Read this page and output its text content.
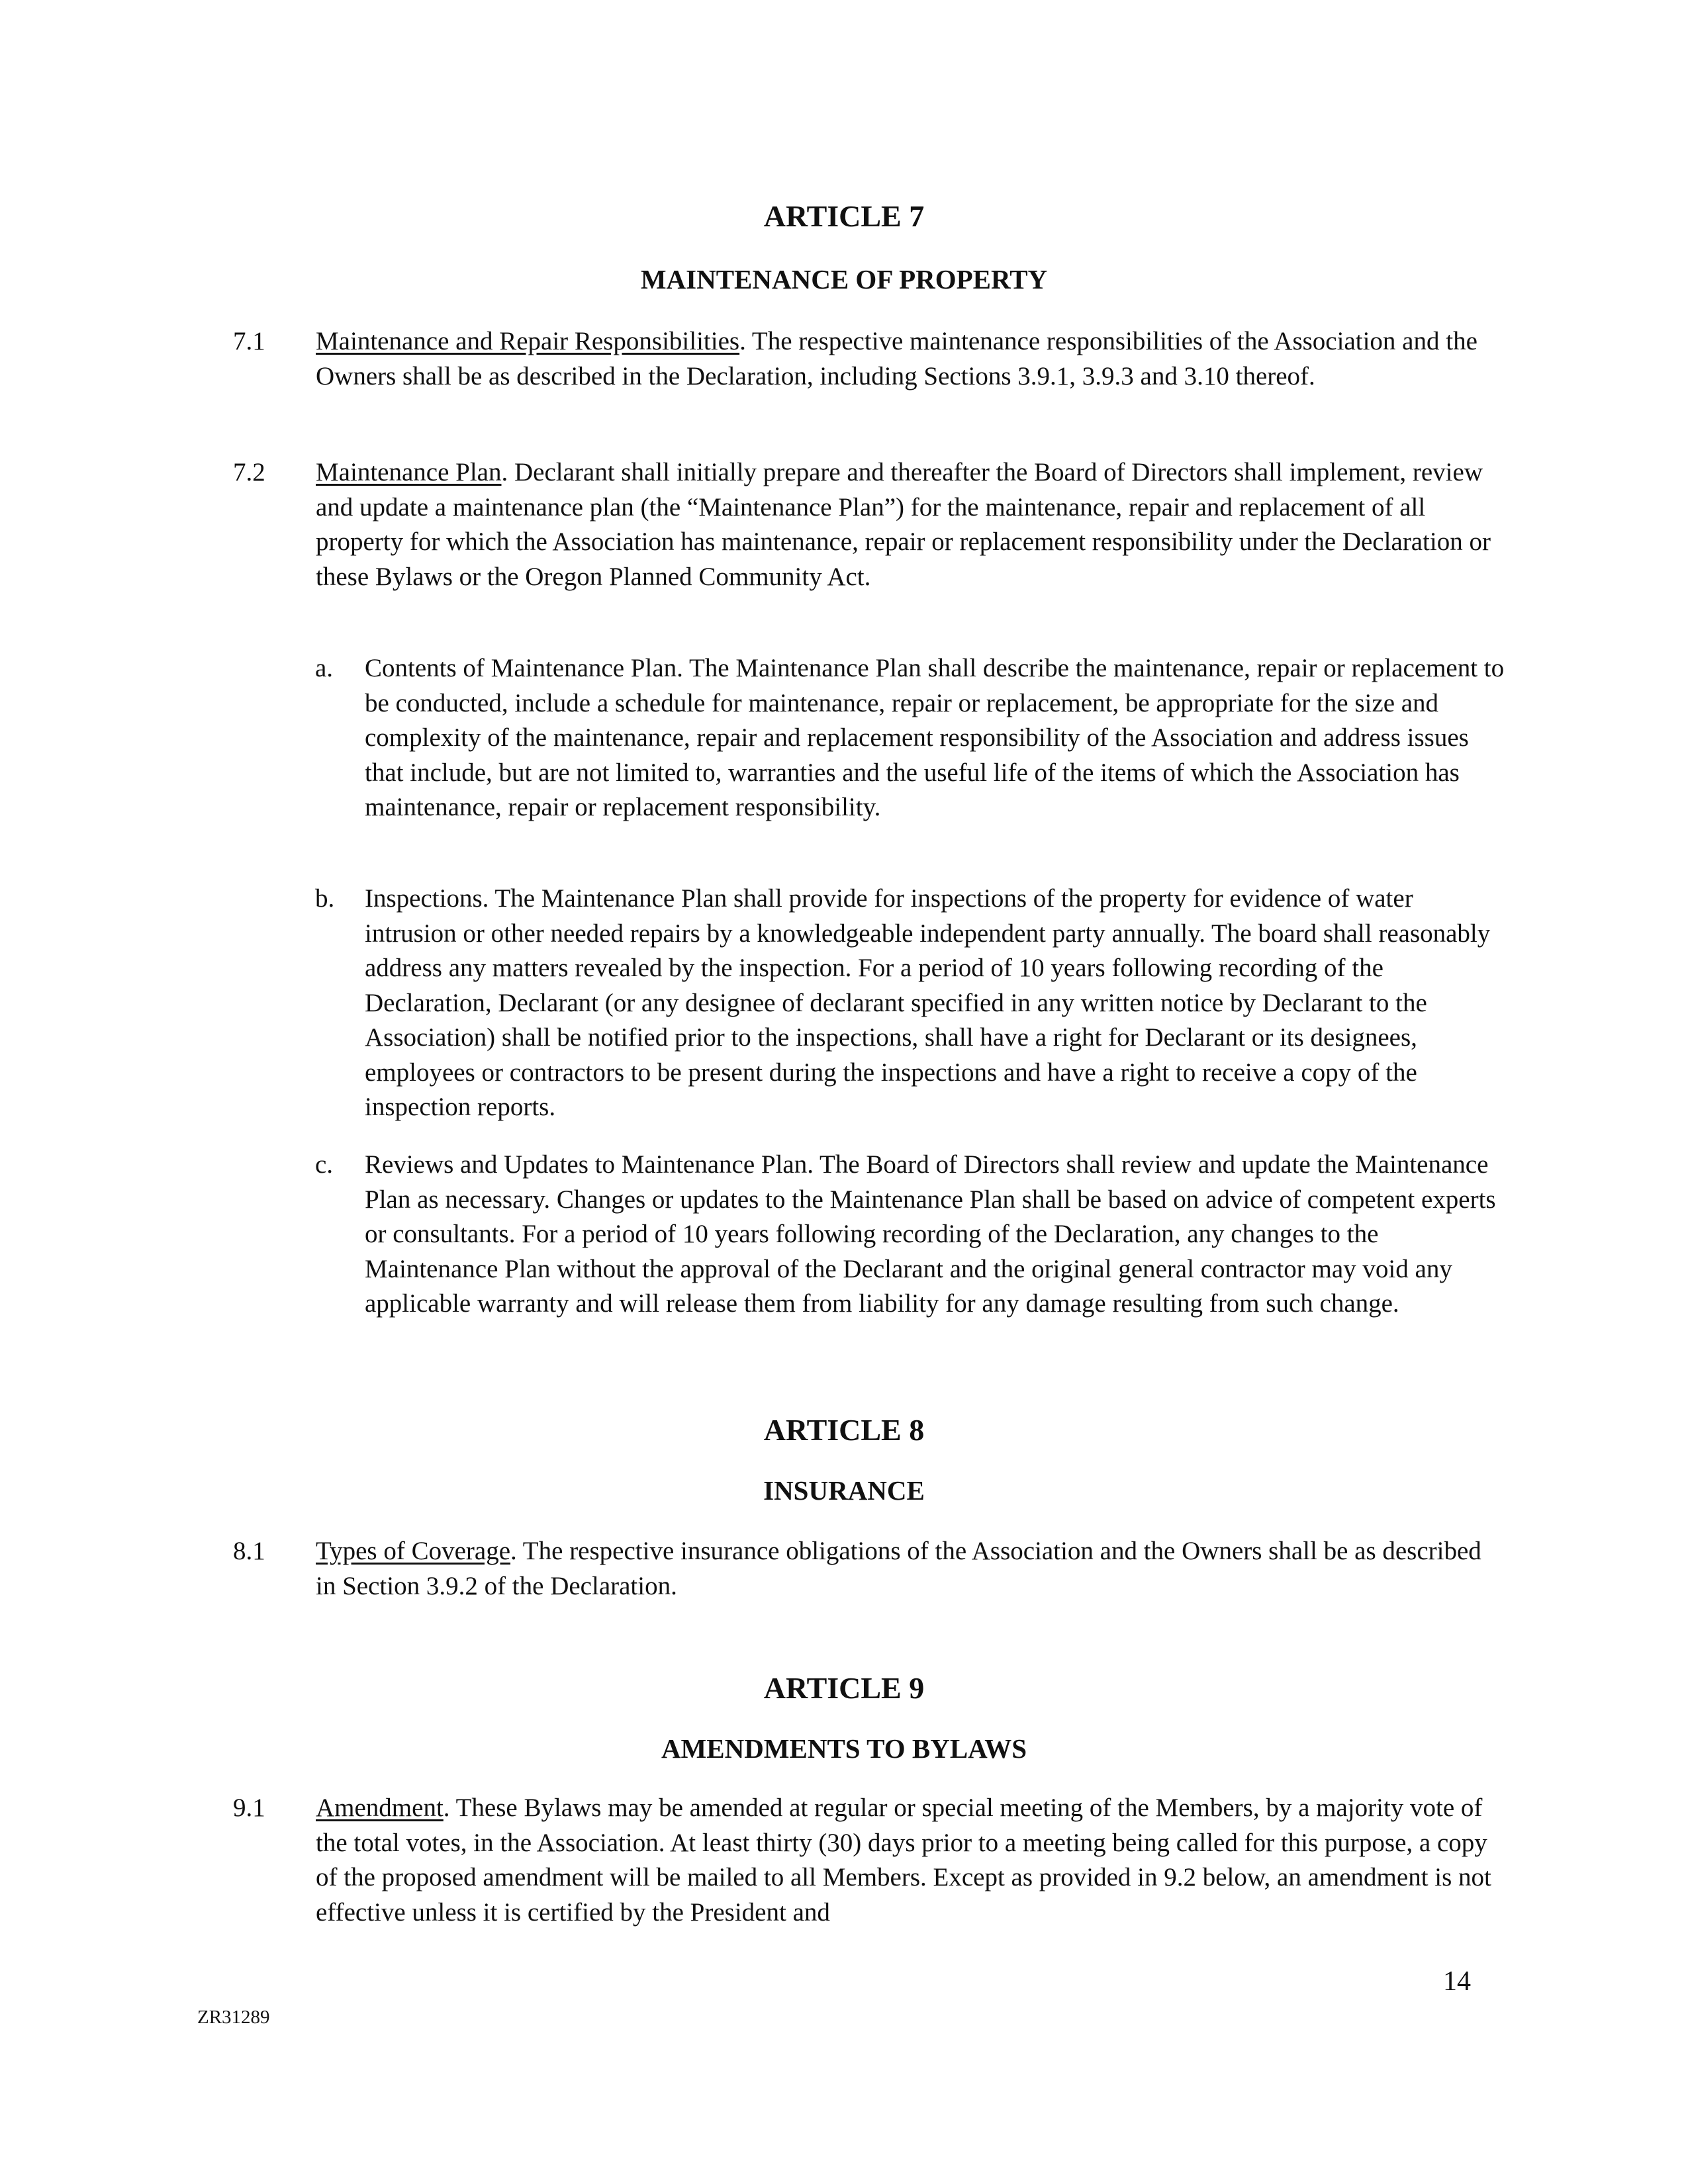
ARTICLE 7
MAINTENANCE OF PROPERTY
7.1 Maintenance and Repair Responsibilities. The respective maintenance responsibilities of the Association and the Owners shall be as described in the Declaration, including Sections 3.9.1, 3.9.3 and 3.10 thereof.
7.2 Maintenance Plan. Declarant shall initially prepare and thereafter the Board of Directors shall implement, review and update a maintenance plan (the “Maintenance Plan”) for the maintenance, repair and replacement of all property for which the Association has maintenance, repair or replacement responsibility under the Declaration or these Bylaws or the Oregon Planned Community Act.
a. Contents of Maintenance Plan. The Maintenance Plan shall describe the maintenance, repair or replacement to be conducted, include a schedule for maintenance, repair or replacement, be appropriate for the size and complexity of the maintenance, repair and replacement responsibility of the Association and address issues that include, but are not limited to, warranties and the useful life of the items of which the Association has maintenance, repair or replacement responsibility.
b. Inspections. The Maintenance Plan shall provide for inspections of the property for evidence of water intrusion or other needed repairs by a knowledgeable independent party annually. The board shall reasonably address any matters revealed by the inspection. For a period of 10 years following recording of the Declaration, Declarant (or any designee of declarant specified in any written notice by Declarant to the Association) shall be notified prior to the inspections, shall have a right for Declarant or its designees, employees or contractors to be present during the inspections and have a right to receive a copy of the inspection reports.
c. Reviews and Updates to Maintenance Plan. The Board of Directors shall review and update the Maintenance Plan as necessary. Changes or updates to the Maintenance Plan shall be based on advice of competent experts or consultants. For a period of 10 years following recording of the Declaration, any changes to the Maintenance Plan without the approval of the Declarant and the original general contractor may void any applicable warranty and will release them from liability for any damage resulting from such change.
ARTICLE 8
INSURANCE
8.1 Types of Coverage. The respective insurance obligations of the Association and the Owners shall be as described in Section 3.9.2 of the Declaration.
ARTICLE 9
AMENDMENTS TO BYLAWS
9.1 Amendment. These Bylaws may be amended at regular or special meeting of the Members, by a majority vote of the total votes, in the Association. At least thirty (30) days prior to a meeting being called for this purpose, a copy of the proposed amendment will be mailed to all Members. Except as provided in 9.2 below, an amendment is not effective unless it is certified by the President and
14
ZR31289
